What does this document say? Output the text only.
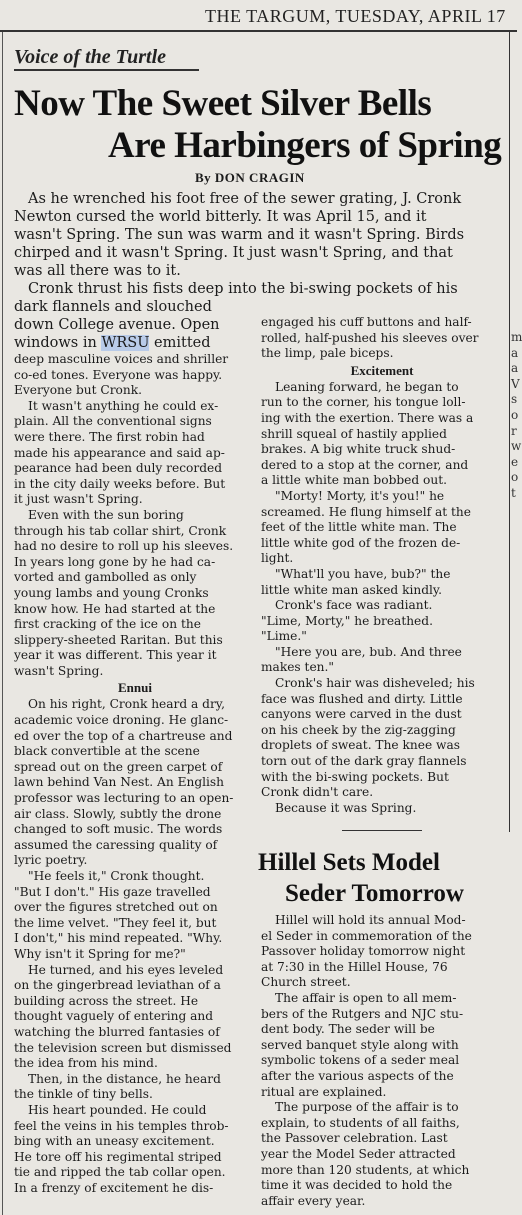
THE TARGUM, TUESDAY, APRIL 17
Voice of the Turtle
Now The Sweet Silver Bells
Are Harbingers of Spring
By DON CRAGIN
As he wrenched his foot free of the sewer grating, J. Cronk
Newton cursed the world bitterly. It was April 15, and it
wasn't Spring. The sun was warm and it wasn't Spring. Birds
chirped and it wasn't Spring. It just wasn't Spring, and that
was all there was to it.
Cronk thrust his fists deep into the bi-swing pockets of his
dark flannels and slouched
down College avenue. Open
windows in WRSU emitted
deep masculine voices and shriller
co-ed tones. Everyone was happy.
Everyone but Cronk.
It wasn't anything he could ex-
plain. All the conventional signs
were there. The first robin had
made his appearance and said ap-
pearance had been duly recorded
in the city daily weeks before. But
it just wasn't Spring.
Even with the sun boring
through his tab collar shirt, Cronk
had no desire to roll up his sleeves.
In years long gone by he had ca-
vorted and gambolled as only
young lambs and young Cronks
know how. He had started at the
first cracking of the ice on the
slippery-sheeted Raritan. But this
year it was different. This year it
wasn't Spring.
Ennui
On his right, Cronk heard a dry,
academic voice droning. He glanc-
ed over the top of a chartreuse and
black convertible at the scene
spread out on the green carpet of
lawn behind Van Nest. An English
professor was lecturing to an open-
air class. Slowly, subtly the drone
changed to soft music. The words
assumed the caressing quality of
lyric poetry.
"He feels it," Cronk thought.
"But I don't." His gaze travelled
over the figures stretched out on
the lime velvet. "They feel it, but
I don't," his mind repeated. "Why.
Why isn't it Spring for me?"
He turned, and his eyes leveled
on the gingerbread leviathan of a
building across the street. He
thought vaguely of entering and
watching the blurred fantasies of
the television screen but dismissed
the idea from his mind.
Then, in the distance, he heard
the tinkle of tiny bells.
His heart pounded. He could
feel the veins in his temples throb-
bing with an uneasy excitement.
He tore off his regimental striped
tie and ripped the tab collar open.
In a frenzy of excitement he dis-
engaged his cuff buttons and half-
rolled, half-pushed his sleeves over
the limp, pale biceps.
Excitement
Leaning forward, he began to
run to the corner, his tongue loll-
ing with the exertion. There was a
shrill squeal of hastily applied
brakes. A big white truck shud-
dered to a stop at the corner, and
a little white man bobbed out.
"Morty! Morty, it's you!" he
screamed. He flung himself at the
feet of the little white man. The
little white god of the frozen de-
light.
"What'll you have, bub?" the
little white man asked kindly.
Cronk's face was radiant.
"Lime, Morty," he breathed.
"Lime."
"Here you are, bub. And three
makes ten."
Cronk's hair was disheveled; his
face was flushed and dirty. Little
canyons were carved in the dust
on his cheek by the zig-zagging
droplets of sweat. The knee was
torn out of the dark gray flannels
with the bi-swing pockets. But
Cronk didn't care.
Because it was Spring.
Hillel Sets Model
Seder Tomorrow
Hillel will hold its annual Mod-
el Seder in commemoration of the
Passover holiday tomorrow night
at 7:30 in the Hillel House, 76
Church street.
The affair is open to all mem-
bers of the Rutgers and NJC stu-
dent body. The seder will be
served banquet style along with
symbolic tokens of a seder meal
after the various aspects of the
ritual are explained.
The purpose of the affair is to
explain, to students of all faiths,
the Passover celebration. Last
year the Model Seder attracted
more than 120 students, at which
time it was decided to hold the
affair every year.
m
a
a
V
s
o
r
w
e
o
t
